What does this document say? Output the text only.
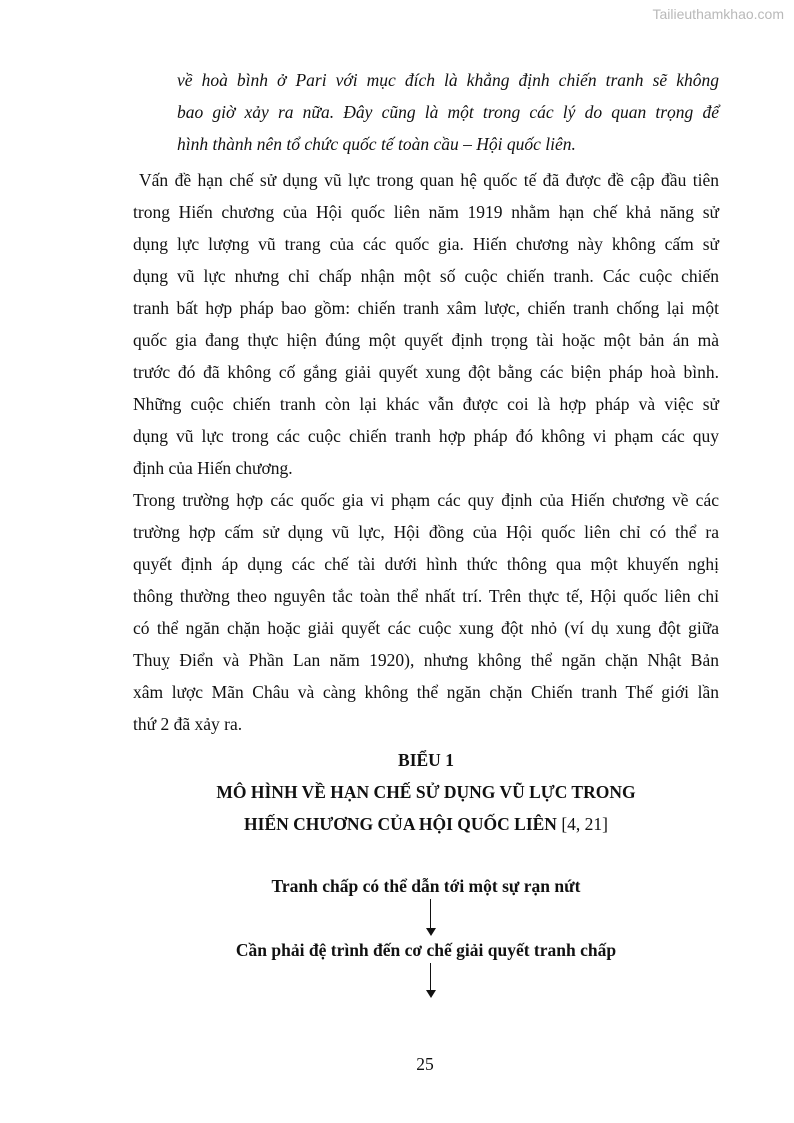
Tailieuthamkhao.com
về hoà bình ở Pari với mục đích là khẳng định chiến tranh sẽ không
bao giờ xảy ra nữa. Đây cũng là một trong các lý do quan trọng để
hình thành nên tổ chức quốc tế toàn cầu – Hội quốc liên.
Vấn đề hạn chế sử dụng vũ lực trong quan hệ quốc tế đã được đề cập đầu tiên
trong Hiến chương của Hội quốc liên năm 1919 nhằm hạn chế khả năng sử
dụng lực lượng vũ trang của các quốc gia. Hiến chương này không cấm sử
dụng vũ lực nhưng chỉ chấp nhận một số cuộc chiến tranh. Các cuộc chiến
tranh bất hợp pháp bao gồm: chiến tranh xâm lược, chiến tranh chống lại một
quốc gia đang thực hiện đúng một quyết định trọng tài hoặc một bản án mà
trước đó đã không cố gắng giải quyết xung đột bằng các biện pháp hoà bình.
Những cuộc chiến tranh còn lại khác vẫn được coi là hợp pháp và việc sử
dụng vũ lực trong các cuộc chiến tranh hợp pháp đó không vi phạm các quy
định của Hiến chương.
Trong trường hợp các quốc gia vi phạm các quy định của Hiến chương về các
trường hợp cấm sử dụng vũ lực, Hội đồng của Hội quốc liên chỉ có thể ra
quyết định áp dụng các chế tài dưới hình thức thông qua một khuyến nghị
thông thường theo nguyên tắc toàn thể nhất trí. Trên thực tế, Hội quốc liên chỉ
có thể ngăn chặn hoặc giải quyết các cuộc xung đột nhỏ (ví dụ xung đột giữa
Thuỵ Điển và Phần Lan năm 1920), nhưng không thể ngăn chặn Nhật Bản
xâm lược Mãn Châu và càng không thể ngăn chặn Chiến tranh Thế giới lần
thứ 2 đã xảy ra.
BIỂU 1
MÔ HÌNH VỀ HẠN CHẾ SỬ DỤNG VŨ LỰC TRONG
HIẾN CHƯƠNG CỦA HỘI QUỐC LIÊN [4, 21]
Tranh chấp có thể dẫn tới một sự rạn nứt
Cần phải đệ trình đến cơ chế giải quyết tranh chấp
25
